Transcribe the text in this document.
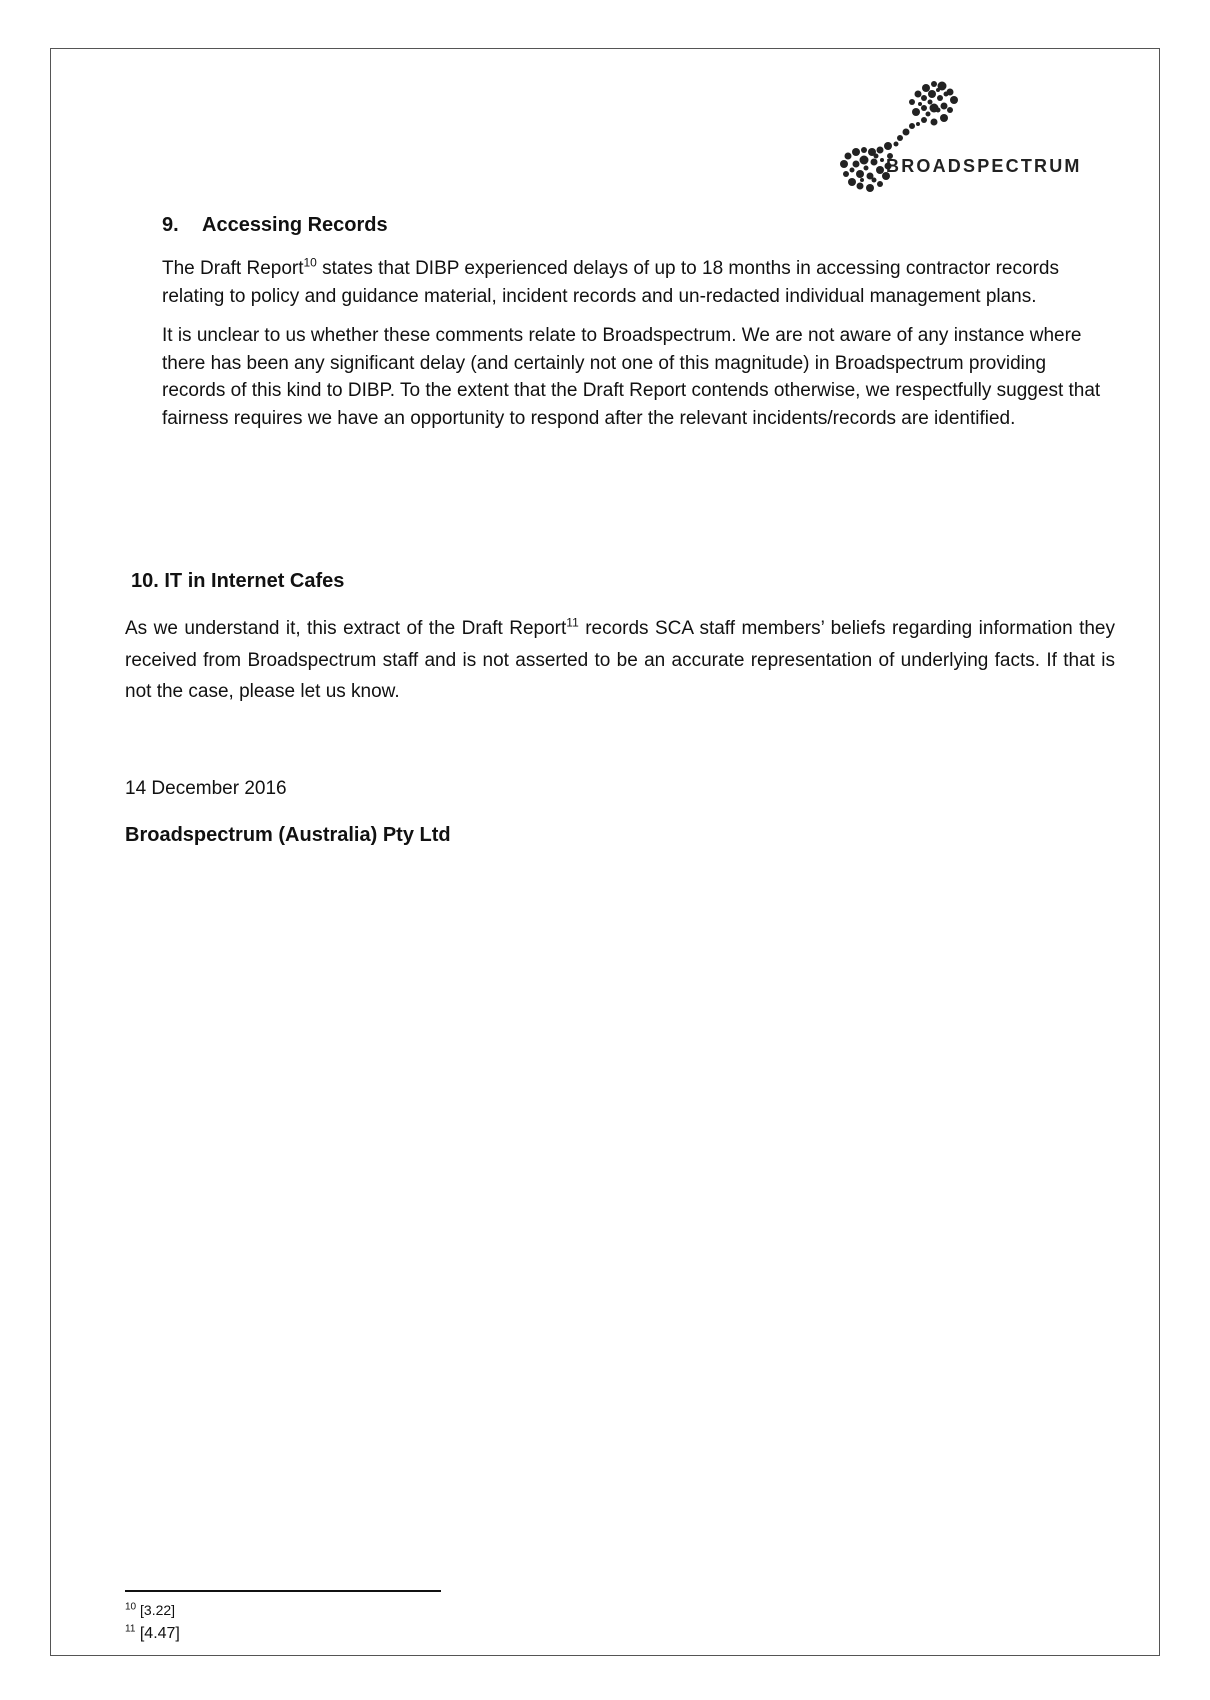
BROADSPECTRUM

9. Accessing Records

The Draft Report$^{10}$ states that DIBP experienced delays of up to 18 months in accessing contractor records relating to policy and guidance material, incident records and un-redacted individual management plans.

It is unclear to us whether these comments relate to Broadspectrum. We are not aware of any instance where there has been any significant delay (and certainly not one of this magnitude) in Broadspectrum providing records of this kind to DIBP. To the extent that the Draft Report contends otherwise, we respectfully suggest that fairness requires we have an opportunity to respond after the relevant incidents/records are identified.

10. IT in Internet Cafes

As we understand it, this extract of the Draft Report$^{11}$ records SCA staff members’ beliefs regarding information they received from Broadspectrum staff and is not asserted to be an accurate representation of underlying facts. If that is not the case, please let us know.

14 December 2016
Broadspectrum (Australia) Pty Ltd
$^{10}$ [3.22]
$^{11}$ [4.47]
